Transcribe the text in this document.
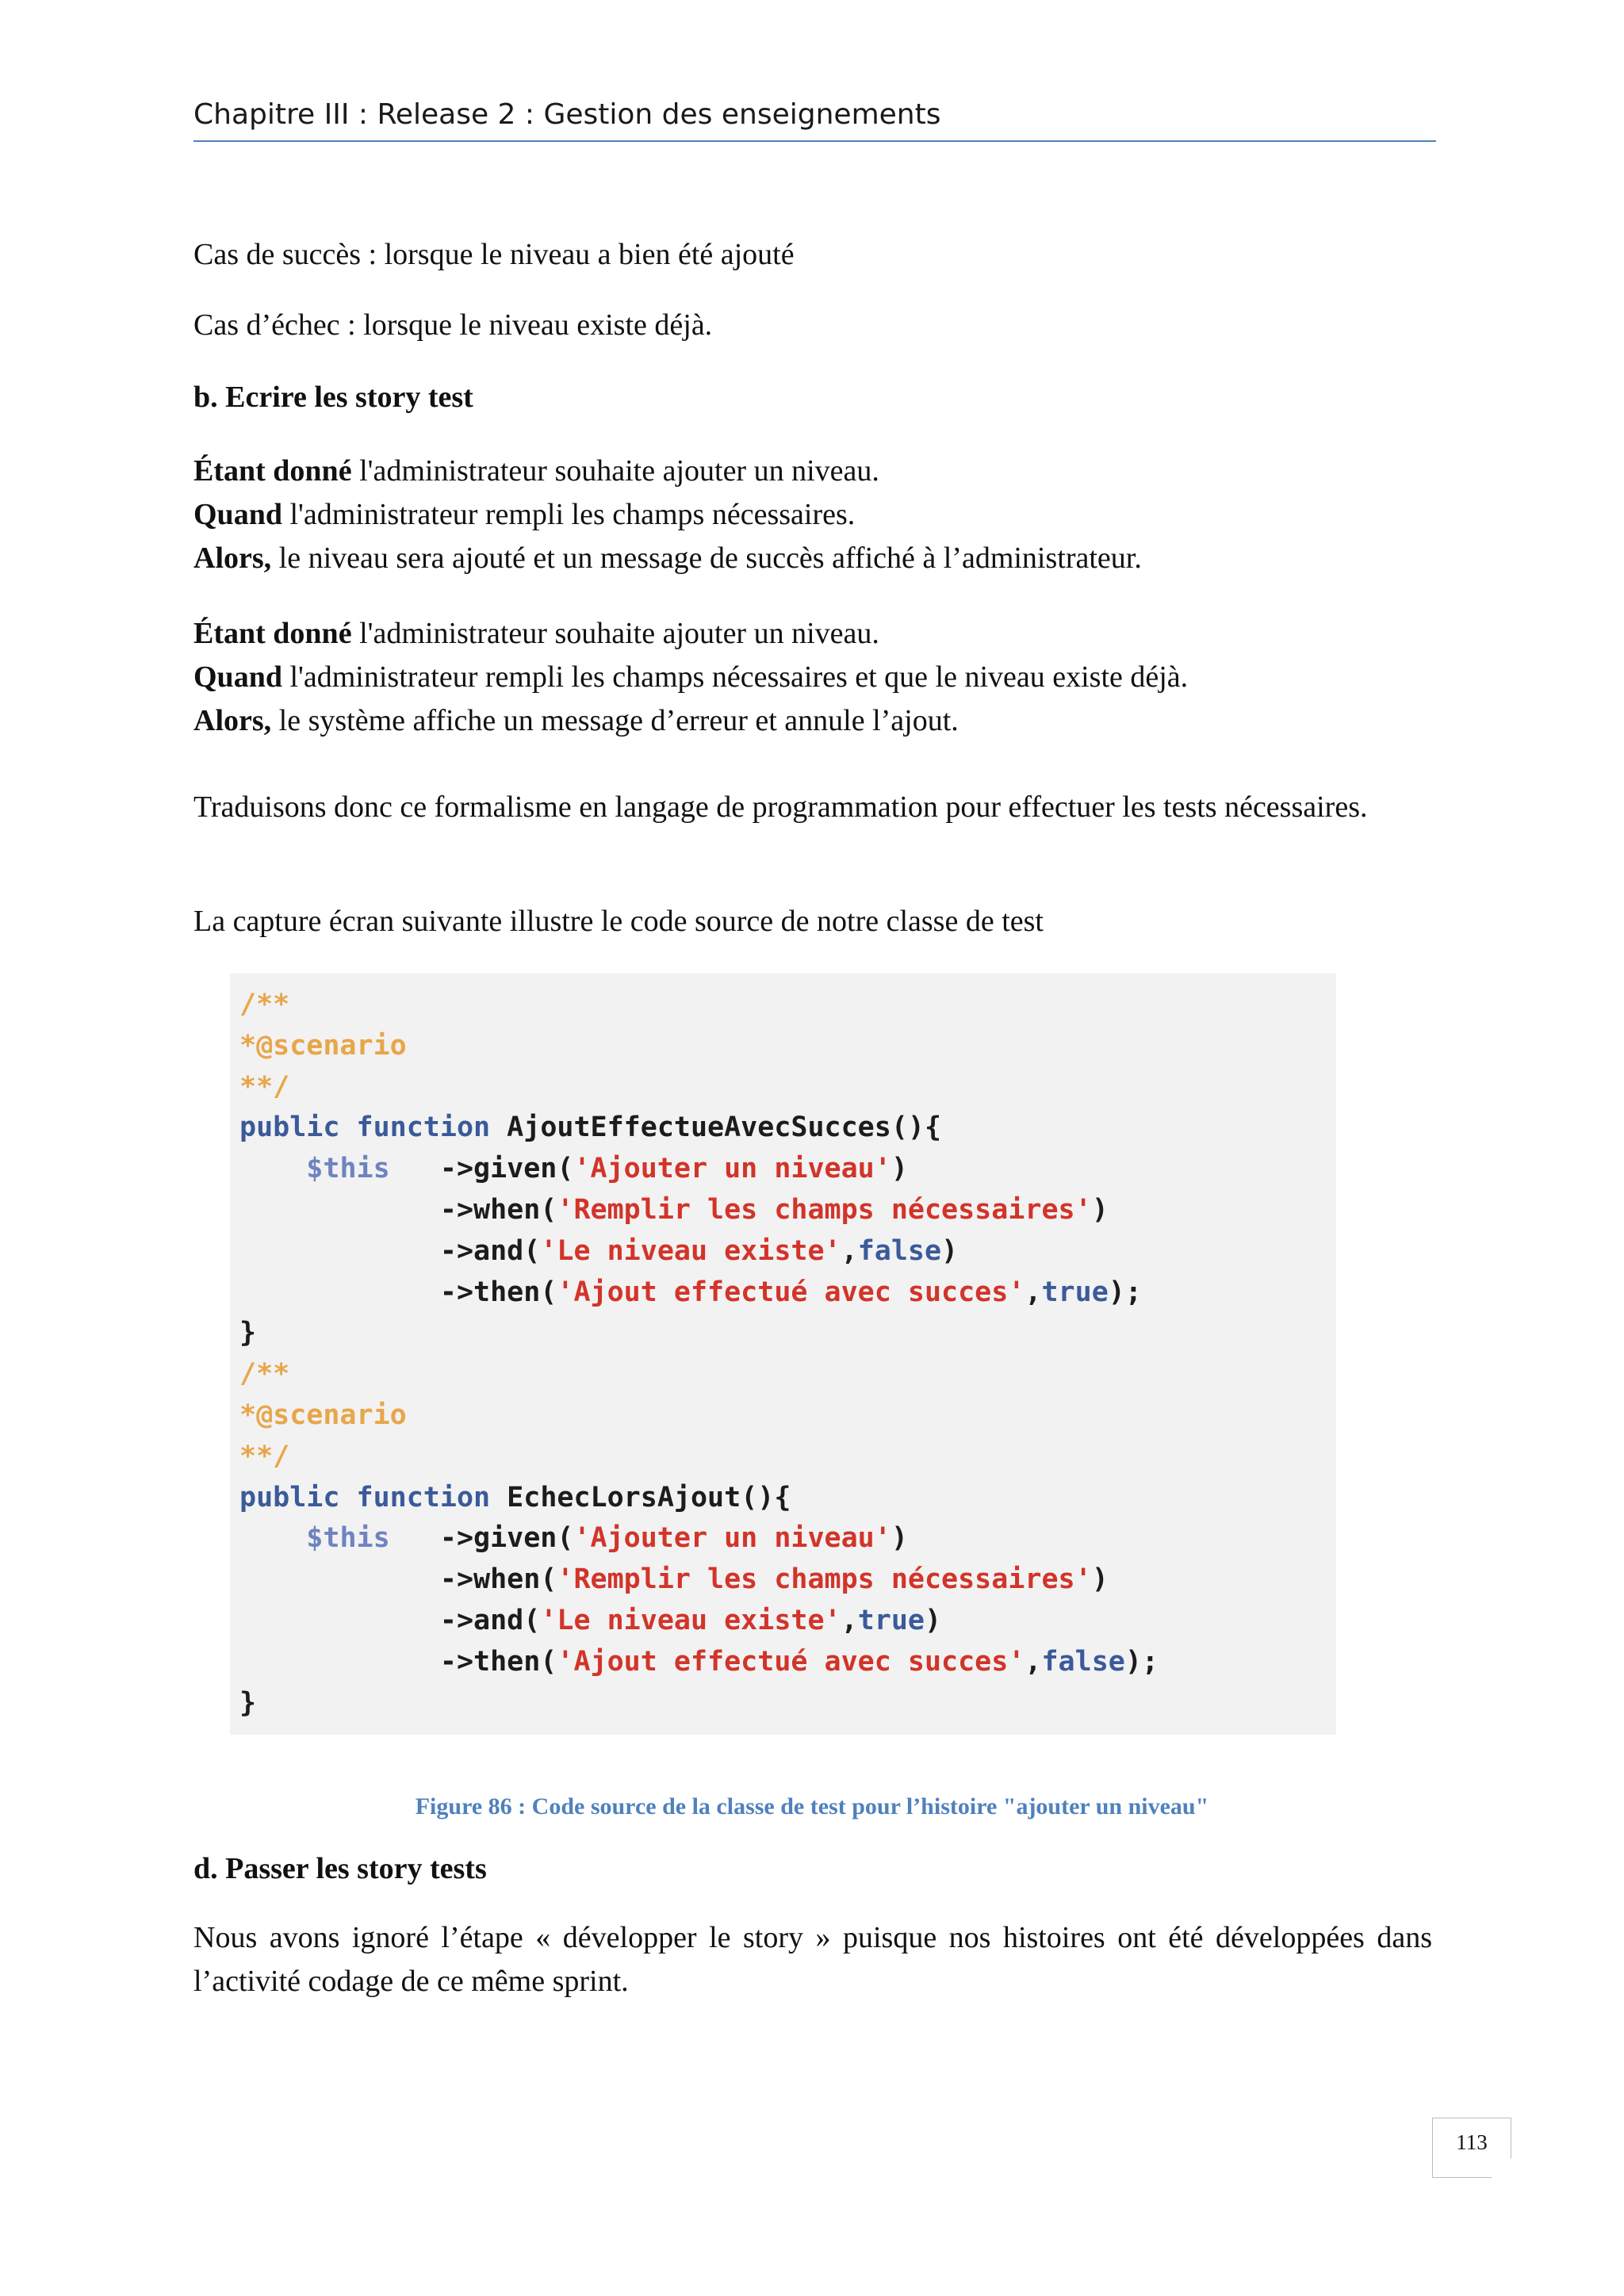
Chapitre III : Release 2 : Gestion des enseignements

Cas de succès : lorsque le niveau a bien été ajouté

Cas d’échec : lorsque le niveau existe déjà.

b. Ecrire les story test

Étant donné l'administrateur souhaite ajouter un niveau.
Quand l'administrateur rempli les champs nécessaires.
Alors, le niveau sera ajouté et un message de succès affiché à l’administrateur.
Étant donné l'administrateur souhaite ajouter un niveau.
Quand l'administrateur rempli les champs nécessaires et que le niveau existe déjà.
Alors, le système affiche un message d’erreur et annule l’ajout.

Traduisons donc ce formalisme en langage de programmation pour effectuer les tests nécessaires.

La capture écran suivante illustre le code source de notre classe de test

/**
*@scenario
**/
public function AjoutEffectueAvecSucces(){
$this ->given('Ajouter un niveau')
->when('Remplir les champs nécessaires')
->and('Le niveau existe',false)
->then('Ajout effectué avec succes',true);
}
/**
*@scenario
**/
public function EchecLorsAjout(){
$this ->given('Ajouter un niveau')
->when('Remplir les champs nécessaires')
->and('Le niveau existe',true)
->then('Ajout effectué avec succes',false);
}
Figure 86 : Code source de la classe de test pour l’histoire "ajouter un niveau"

d. Passer les story tests

Nous avons ignoré l’étape « développer le story » puisque nos histoires ont été développées dans l’activité codage de ce même sprint.

113
